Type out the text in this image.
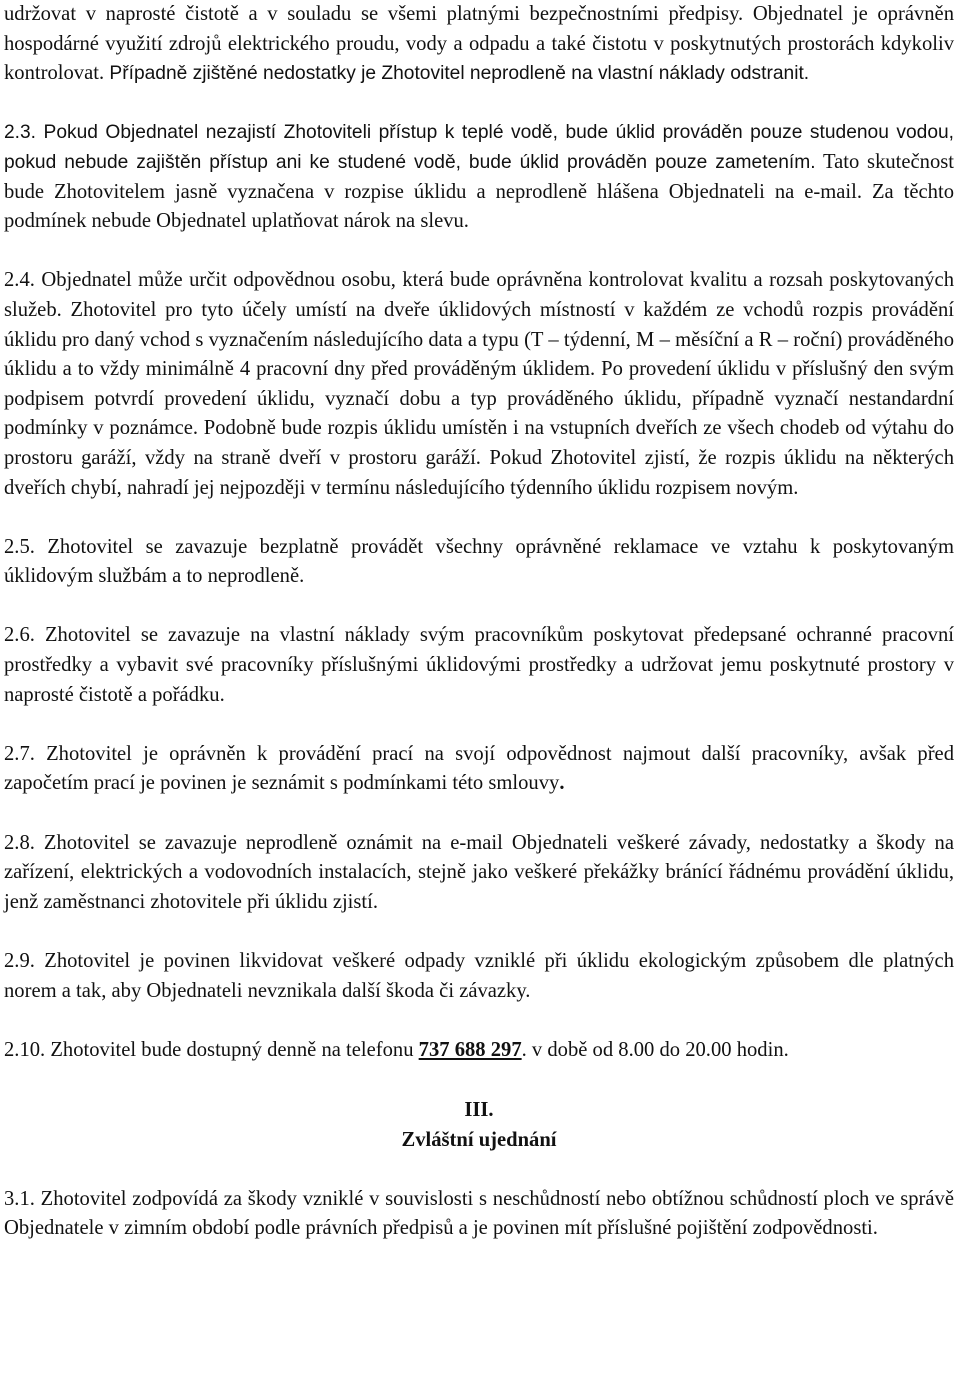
udržovat v naprosté čistotě a v souladu se všemi platnými bezpečnostními předpisy. Objednatel je oprávněn hospodárné využití zdrojů elektrického proudu, vody a odpadu a také čistotu v poskytnutých prostorách kdykoliv kontrolovat. Případně zjištěné nedostatky je Zhotovitel neprodleně na vlastní náklady odstranit.

2.3. Pokud Objednatel nezajistí Zhotoviteli přístup k teplé vodě, bude úklid prováděn pouze studenou vodou, pokud nebude zajištěn přístup ani ke studené vodě, bude úklid prováděn pouze zametením. Tato skutečnost bude Zhotovitelem jasně vyznačena v rozpise úklidu a neprodleně hlášena Objednateli na e-mail. Za těchto podmínek nebude Objednatel uplatňovat nárok na slevu.

2.4. Objednatel může určit odpovědnou osobu, která bude oprávněna kontrolovat kvalitu a rozsah poskytovaných služeb. Zhotovitel pro tyto účely umístí na dveře úklidových místností v každém ze vchodů rozpis provádění úklidu pro daný vchod s vyznačením následujícího data a typu (T – týdenní, M – měsíční a R – roční) prováděného úklidu a to vždy minimálně 4 pracovní dny před prováděným úklidem. Po provedení úklidu v příslušný den svým podpisem potvrdí provedení úklidu, vyznačí dobu a typ prováděného úklidu, případně vyznačí nestandardní podmínky v poznámce. Podobně bude rozpis úklidu umístěn i na vstupních dveřích ze všech chodeb od výtahu do prostoru garáží, vždy na straně dveří v prostoru garáží. Pokud Zhotovitel zjistí, že rozpis úklidu na některých dveřích chybí, nahradí jej nejpozději v termínu následujícího týdenního úklidu rozpisem novým.

2.5. Zhotovitel se zavazuje bezplatně provádět všechny oprávněné reklamace ve vztahu k poskytovaným úklidovým službám a to neprodleně.

2.6. Zhotovitel se zavazuje na vlastní náklady svým pracovníkům poskytovat předepsané ochranné pracovní prostředky a vybavit své pracovníky příslušnými úklidovými prostředky a udržovat jemu poskytnuté prostory v naprosté čistotě a pořádku.

2.7. Zhotovitel je oprávněn k provádění prací na svojí odpovědnost najmout další pracovníky, avšak před započetím prací je povinen je seznámit s podmínkami této smlouvy.

2.8. Zhotovitel se zavazuje neprodleně oznámit na e-mail Objednateli veškeré závady, nedostatky a škody na zařízení, elektrických a vodovodních instalacích, stejně jako veškeré překážky bránící řádnému provádění úklidu, jenž zaměstnanci zhotovitele při úklidu zjistí.

2.9. Zhotovitel je povinen likvidovat veškeré odpady vzniklé při úklidu ekologickým způsobem dle platných norem a tak, aby Objednateli nevznikala další škoda či závazky.

2.10. Zhotovitel bude dostupný denně na telefonu 737 688 297. v době od 8.00 do 20.00 hodin.

III.

Zvláštní ujednání

3.1. Zhotovitel zodpovídá za škody vzniklé v souvislosti s neschůdností nebo obtížnou schůdností ploch ve správě Objednatele v zimním období podle právních předpisů a je povinen mít příslušné pojištění zodpovědnosti.
